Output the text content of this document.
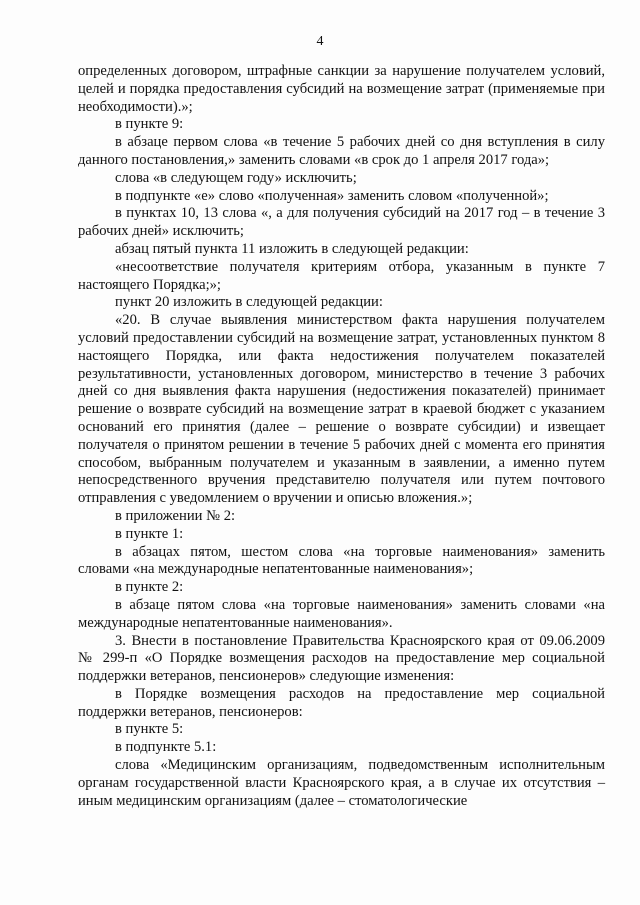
4

определенных договором, штрафные санкции за нарушение получателем условий, целей и порядка предоставления субсидий на возмещение затрат (применяемые при необходимости).»;

в пункте 9:

в абзаце первом слова «в течение 5 рабочих дней со дня вступления в силу данного постановления,» заменить словами «в срок до 1 апреля 2017 года»;

слова «в следующем году» исключить;

в подпункте «е» слово «полученная» заменить словом «полученной»;

в пунктах 10, 13 слова «, а для получения субсидий на 2017 год – в течение 3 рабочих дней» исключить;

абзац пятый пункта 11 изложить в следующей редакции:

«несоответствие получателя критериям отбора, указанным в пункте 7 настоящего Порядка;»;

пункт 20 изложить в следующей редакции:

«20. В случае выявления министерством факта нарушения получателем условий предоставлении субсидий на возмещение затрат, установленных пунктом 8 настоящего Порядка, или факта недостижения получателем показателей результативности, установленных договором, министерство в течение 3 рабочих дней со дня выявления факта нарушения (недостижения показателей) принимает решение о возврате субсидий на возмещение затрат в краевой бюджет с указанием оснований его принятия (далее – решение о возврате субсидии) и извещает получателя о принятом решении в течение 5 рабочих дней с момента его принятия способом, выбранным получателем и указанным в заявлении, а именно путем непосредственного вручения представителю получателя или путем почтового отправления с уведомлением о вручении и описью вложения.»;

в приложении № 2:

в пункте 1:

в абзацах пятом, шестом слова «на торговые наименования» заменить словами «на международные непатентованные наименования»;

в пункте 2:

в абзаце пятом слова «на торговые наименования» заменить словами «на международные непатентованные наименования».

3. Внести в постановление Правительства Красноярского края от 09.06.2009 № 299-п «О Порядке возмещения расходов на предоставление мер социальной поддержки ветеранов, пенсионеров» следующие изменения:

в Порядке возмещения расходов на предоставление мер социальной поддержки ветеранов, пенсионеров:

в пункте 5:

в подпункте 5.1:

слова «Медицинским организациям, подведомственным исполнительным органам государственной власти Красноярского края, а в случае их отсутствия – иным медицинским организациям (далее – стоматологические
